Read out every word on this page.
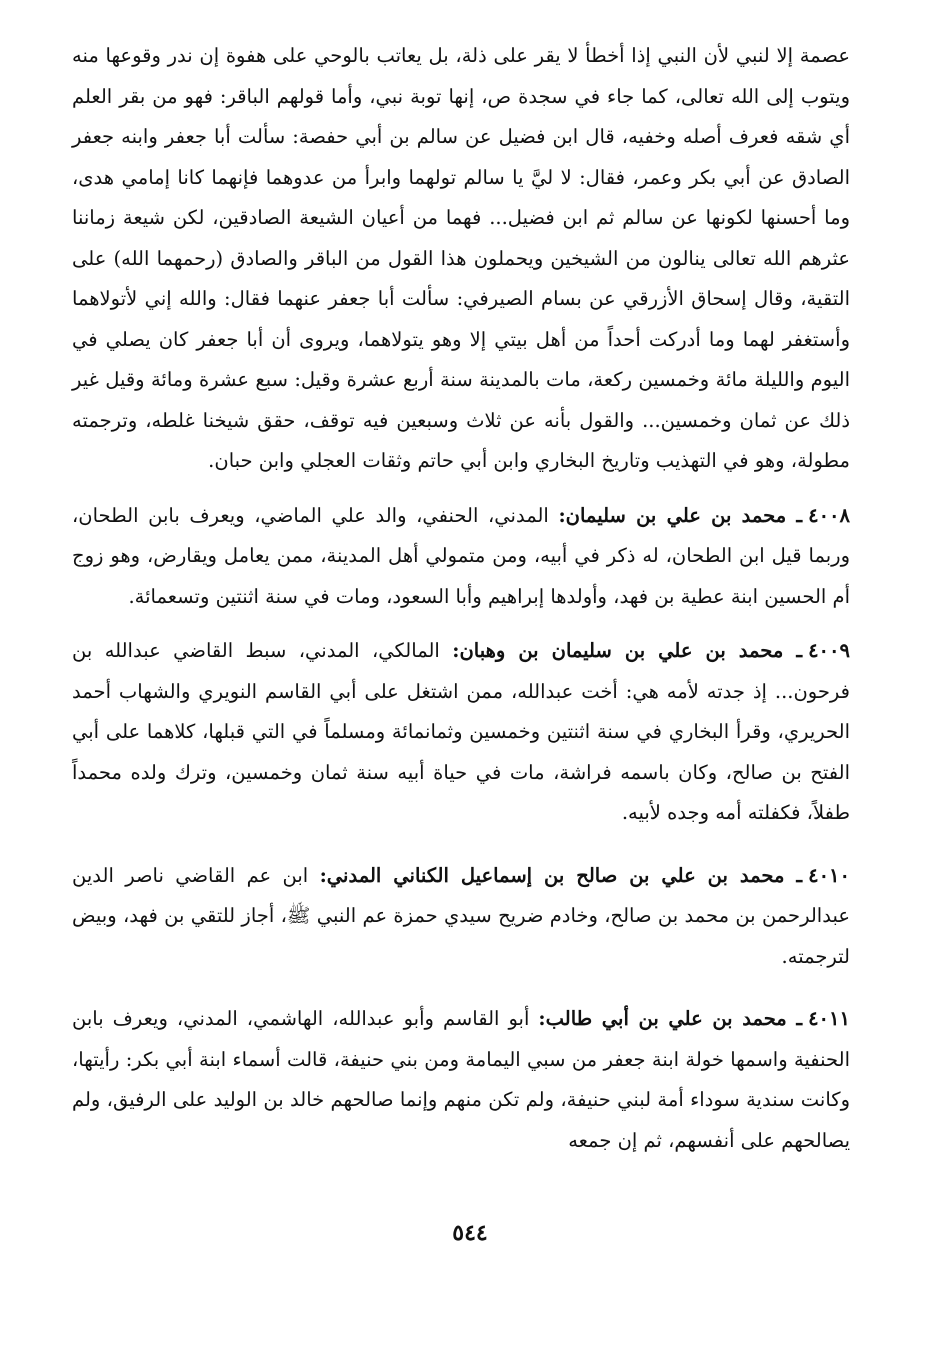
عصمة إلا لنبي لأن النبي إذا أخطأ لا يقر على ذلة، بل يعاتب بالوحي على هفوة إن ندر وقوعها منه ويتوب إلى الله تعالى، كما جاء في سجدة ص، إنها توبة نبي، وأما قولهم الباقر: فهو من بقر العلم أي شقه فعرف أصله وخفيه، قال ابن فضيل عن سالم بن أبي حفصة: سألت أبا جعفر وابنه جعفر الصادق عن أبي بكر وعمر، فقال: لا ليَّ يا سالم تولهما وابرأ من عدوهما فإنهما كانا إمامي هدى، وما أحسنها لكونها عن سالم ثم ابن فضيل... فهما من أعيان الشيعة الصادقين، لكن شيعة زماننا عثرهم الله تعالى ينالون من الشيخين ويحملون هذا القول من الباقر والصادق (رحمهما الله) على التقية، وقال إسحاق الأزرقي عن بسام الصيرفي: سألت أبا جعفر عنهما فقال: والله إني لأتولاهما وأستغفر لهما وما أدركت أحداً من أهل بيتي إلا وهو يتولاهما، ويروى أن أبا جعفر كان يصلي في اليوم والليلة مائة وخمسين ركعة، مات بالمدينة سنة أربع عشرة وقيل: سبع عشرة ومائة وقيل غير ذلك عن ثمان وخمسين... والقول بأنه عن ثلاث وسبعين فيه توقف، حقق شيخنا غلطه، وترجمته مطولة، وهو في التهذيب وتاريخ البخاري وابن أبي حاتم وثقات العجلي وابن حبان.

٤٠٠٨ـ محمد بن علي بن سليمان: المدني، الحنفي، والد علي الماضي، ويعرف بابن الطحان، وربما قيل ابن الطحان، له ذكر في أبيه، ومن متمولي أهل المدينة، ممن يعامل ويقارض، وهو زوج أم الحسين ابنة عطية بن فهد، وأولدها إبراهيم وأبا السعود، ومات في سنة اثنتين وتسعمائة.

٤٠٠٩ـ محمد بن علي بن سليمان بن وهبان: المالكي، المدني، سبط القاضي عبدالله بن فرحون... إذ جدته لأمه هي: أخت عبدالله، ممن اشتغل على أبي القاسم النويري والشهاب أحمد الحريري، وقرأ البخاري في سنة اثنتين وخمسين وثمانمائة ومسلماً في التي قبلها، كلاهما على أبي الفتح بن صالح، وكان باسمه فراشة، مات في حياة أبيه سنة ثمان وخمسين، وترك ولده محمداً طفلاً، فكفلته أمه وجده لأبيه.

٤٠١٠ـ محمد بن علي بن صالح بن إسماعيل الكناني المدني: ابن عم القاضي ناصر الدين عبدالرحمن بن محمد بن صالح، وخادم ضريح سيدي حمزة عم النبي ﷺ، أجاز للتقي بن فهد، وبيض لترجمته.

٤٠١١ـ محمد بن علي بن أبي طالب: أبو القاسم وأبو عبدالله، الهاشمي، المدني، ويعرف بابن الحنفية واسمها خولة ابنة جعفر من سبي اليمامة ومن بني حنيفة، قالت أسماء ابنة أبي بكر: رأيتها، وكانت سندية سوداء أمة لبني حنيفة، ولم تكن منهم وإنما صالحهم خالد بن الوليد على الرفيق، ولم يصالحهم على أنفسهم، ثم إن جمعه

٥٤٤
